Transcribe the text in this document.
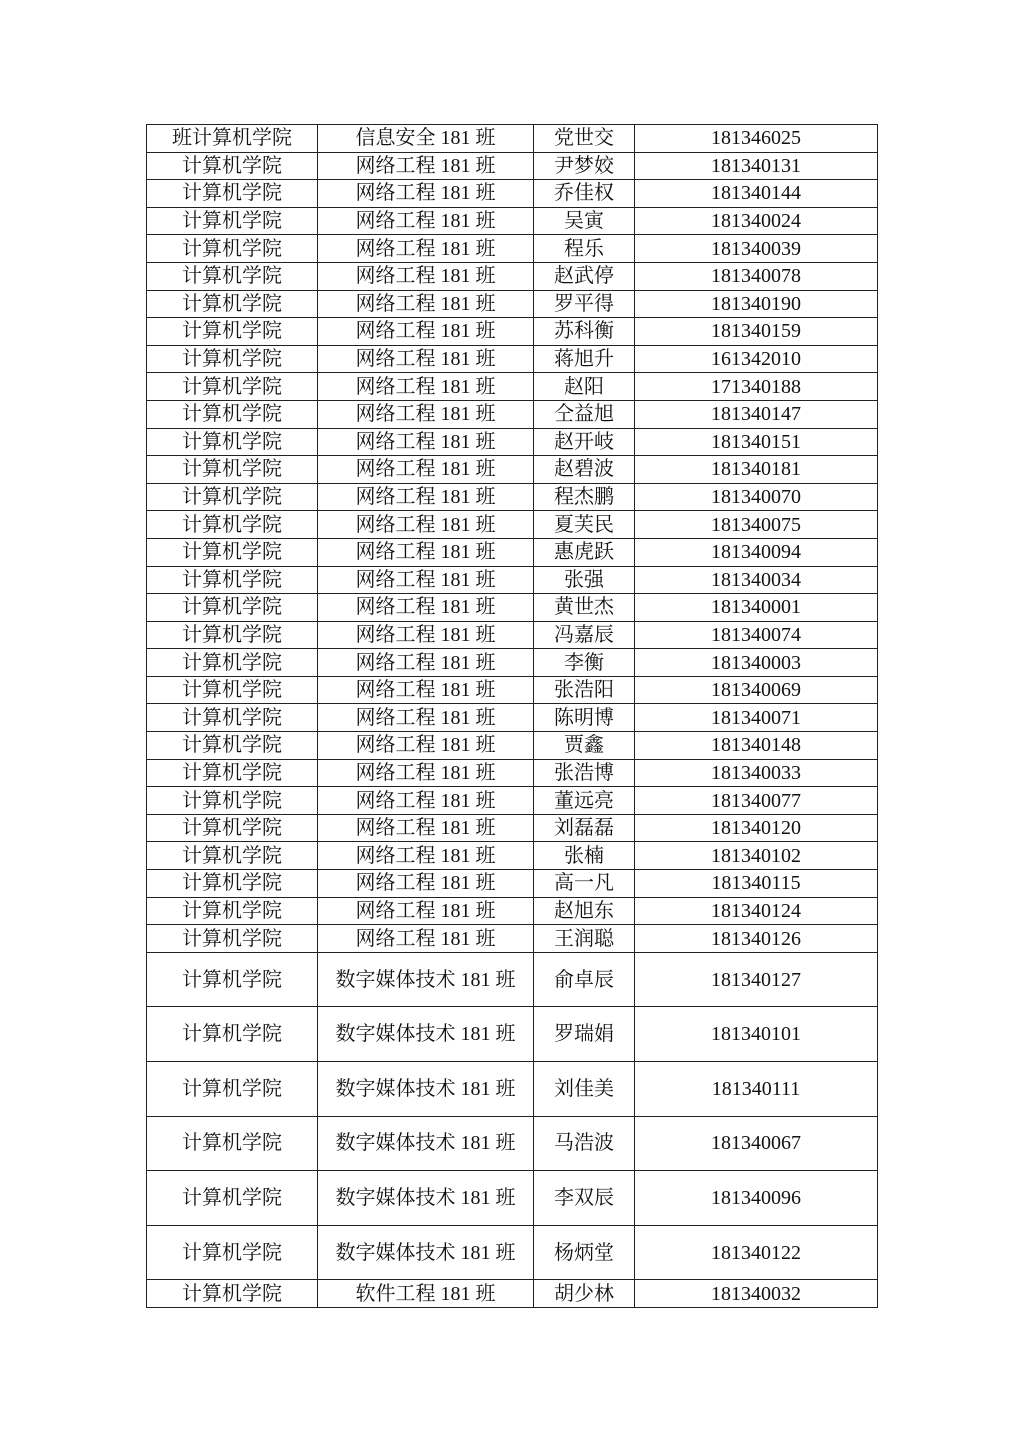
班计算机学院	信息安全 181 班	党世交	181346025
计算机学院	网络工程 181 班	尹梦姣	181340131
计算机学院	网络工程 181 班	乔佳权	181340144
计算机学院	网络工程 181 班	吴寅	181340024
计算机学院	网络工程 181 班	程乐	181340039
计算机学院	网络工程 181 班	赵武停	181340078
计算机学院	网络工程 181 班	罗平得	181340190
计算机学院	网络工程 181 班	苏科衡	181340159
计算机学院	网络工程 181 班	蒋旭升	161342010
计算机学院	网络工程 181 班	赵阳	171340188
计算机学院	网络工程 181 班	仝益旭	181340147
计算机学院	网络工程 181 班	赵开岐	181340151
计算机学院	网络工程 181 班	赵碧波	181340181
计算机学院	网络工程 181 班	程杰鹏	181340070
计算机学院	网络工程 181 班	夏芙民	181340075
计算机学院	网络工程 181 班	惠虎跃	181340094
计算机学院	网络工程 181 班	张强	181340034
计算机学院	网络工程 181 班	黄世杰	181340001
计算机学院	网络工程 181 班	冯嘉辰	181340074
计算机学院	网络工程 181 班	李衡	181340003
计算机学院	网络工程 181 班	张浩阳	181340069
计算机学院	网络工程 181 班	陈明博	181340071
计算机学院	网络工程 181 班	贾鑫	181340148
计算机学院	网络工程 181 班	张浩博	181340033
计算机学院	网络工程 181 班	董远亮	181340077
计算机学院	网络工程 181 班	刘磊磊	181340120
计算机学院	网络工程 181 班	张楠	181340102
计算机学院	网络工程 181 班	高一凡	181340115
计算机学院	网络工程 181 班	赵旭东	181340124
计算机学院	网络工程 181 班	王润聪	181340126
计算机学院	数字媒体技术 181 班	俞卓辰	181340127
计算机学院	数字媒体技术 181 班	罗瑞娟	181340101
计算机学院	数字媒体技术 181 班	刘佳美	181340111
计算机学院	数字媒体技术 181 班	马浩波	181340067
计算机学院	数字媒体技术 181 班	李双辰	181340096
计算机学院	数字媒体技术 181 班	杨炳堂	181340122
计算机学院	软件工程 181 班	胡少林	181340032
